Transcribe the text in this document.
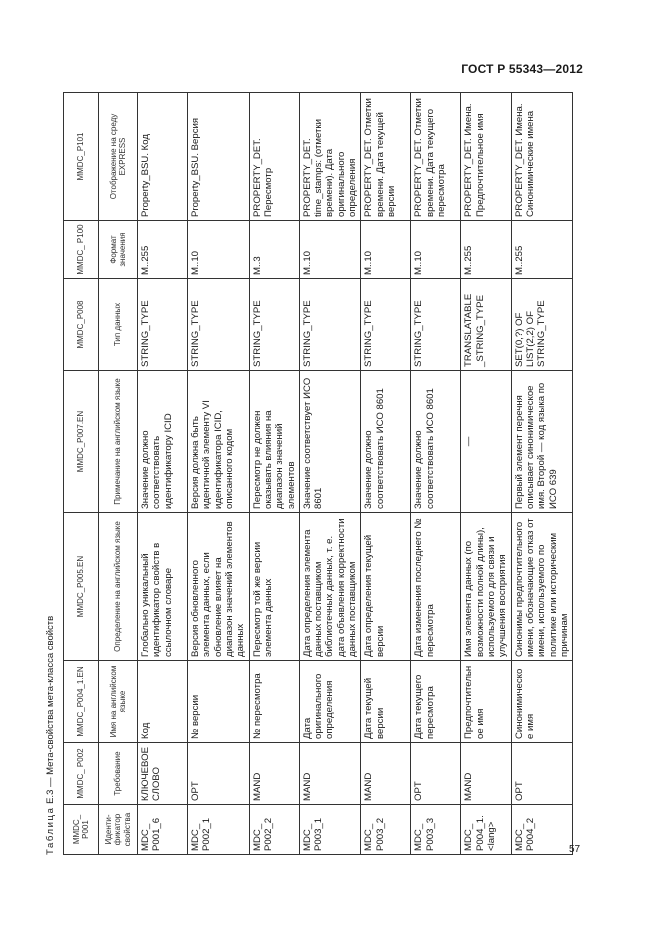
ГОСТ Р 55343—2012
Таблица Е.3 — Мета-свойства мета-класса свойств
MMDC_ P001	MMDC_ P002	MMDC_P004_1.EN	MMDC_P005.EN	MMDC_P007.EN	MMDC_P008	MMDC_ P100	MMDC_P101
Иденти- фикатор свойства	Требование	Имя на английском языке	Определение на английском языке	Примечание на английском языке	Тип данных	Формат значения	Отображение на среду EXPRESS
MDC_ P001_6	КЛЮЧЕВОЕ СЛОВО	Код	Глобально уникальный идентификатор свойств в ссылочном словаре	Значение должно соответствовать идентификатору ICID	STRING_TYPE	M..255	Property_BSU. Код
MDC_ P002_1	OPT	№ версии	Версия обновленного элемента данных, если обновление влияет на диапазон значений элементов данных	Версия должна быть идентичной элементу VI идентификатора ICID, описанного кодом	STRING_TYPE	M..10	Property_BSU. Версия
MDC_ P002_2	MAND	№ пересмотра	Пересмотр той же версии элемента данных	Пересмотр не должен оказывать влияния на диапазон значений элементов	STRING_TYPE	M..3	PROPERTY_DET. Пересмотр
MDC_ P003_1	MAND	Дата оригинального определения	Дата определения элемента данных поставщиком библиотечных данных, т. е. дата объявления корректности данных поставщиком	Значение соответствует ИСО 8601	STRING_TYPE	M..10	PROPERTY_DET. time_stamps: (отметки времени). Дата оригинального определения
MDC_ P003_2	MAND	Дата текущей версии	Дата определения текущей версии	Значение должно соответствовать ИСО 8601	STRING_TYPE	M..10	PROPERTY_DET. Отметки времени. Дата текущей версии
MDC_ P003_3	OPT	Дата текущего пересмотра	Дата изменения последнего № пересмотра	Значение должно соответствовать ИСО 8601	STRING_TYPE	M..10	PROPERTY_DET. Отметки времени. Дата текущего пересмотра
MDC_ P004_1. <lang>	MAND	Предпочтительное имя	Имя элемента данных (по возможности полной длины), используемого для связи и улучшения восприятия	—	TRANSLATABLE _STRING_TYPE	M..255	PROPERTY_DET. Имена. Предпочтительное имя
MDC_ P004_2	OPT	Синонимическое имя	Синонимы предпочтительного имени, обозначающие отказ от имени, используемого по политике или историческим причинам	Первый элемент перечня описывает синонимическое имя. Второй — код языка по ИСО 639	SET(0,?) OF LIST(2,2) OF STRING_TYPE	M..255	PROPERTY_DET. Имена. Синонимические имена
57
